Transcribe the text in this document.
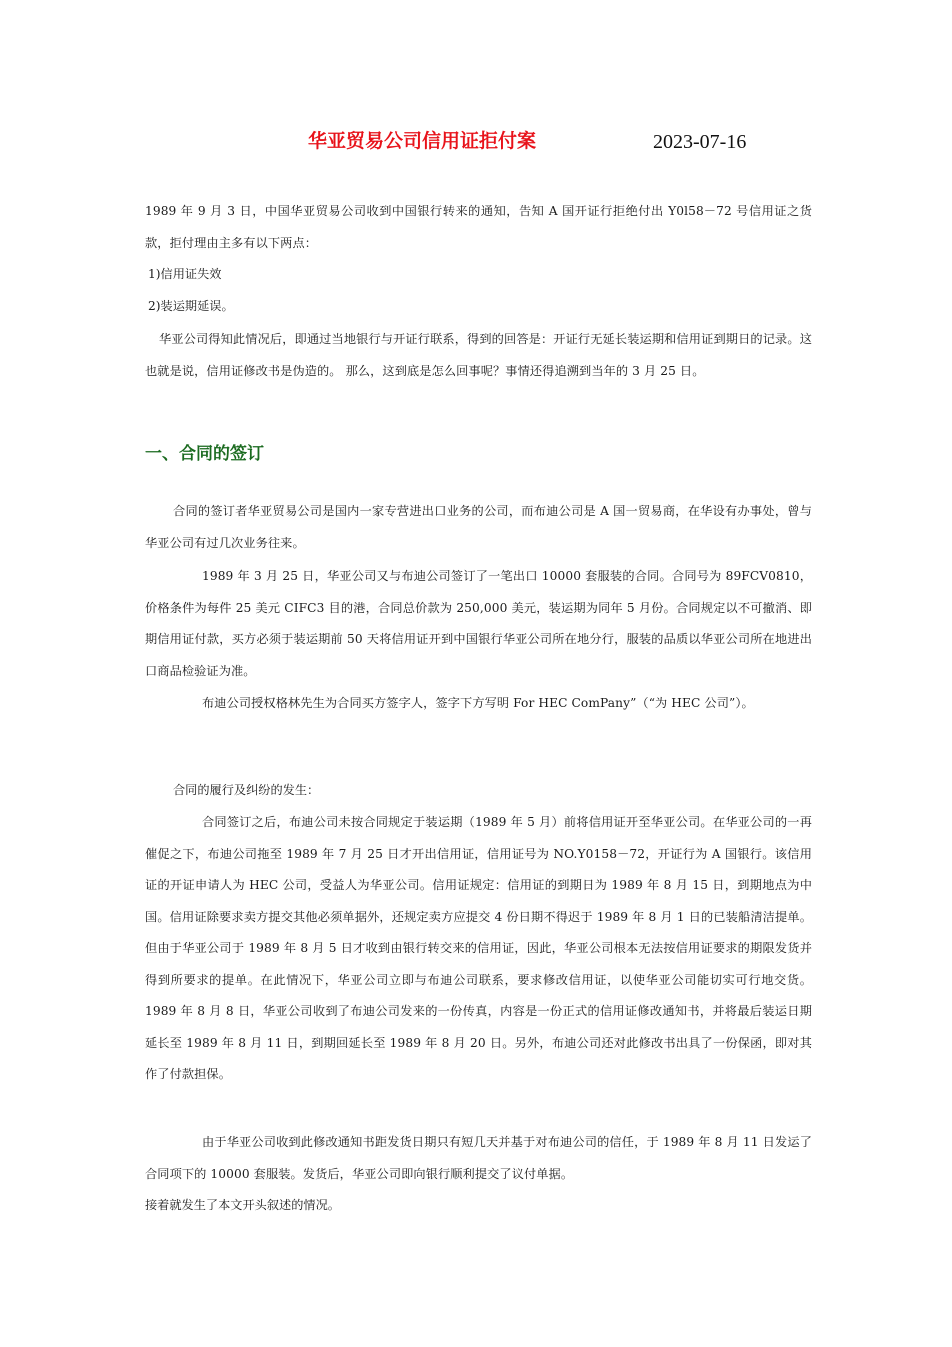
华亚贸易公司信用证拒付案	2023-07-16

1989 年 9 月 3 日，中国华亚贸易公司收到中国银行转来的通知，告知 A 国开证行拒绝付出 Y0l58－72 号信用证之货款，拒付理由主多有以下两点：

1)信用证失效

2)装运期延误。

华亚公司得知此情况后，即通过当地银行与开证行联系，得到的回答是：开证行无延长装运期和信用证到期日的记录。这也就是说，信用证修改书是伪造的。 那么，这到底是怎么回事呢？事情还得追溯到当年的 3 月 25 日。

一、合同的签订

合同的签订者华亚贸易公司是国内一家专营进出口业务的公司，而布迪公司是 A 国一贸易商，在华设有办事处，曾与华亚公司有过几次业务往来。

1989 年 3 月 25 日，华亚公司又与布迪公司签订了一笔出口 10000 套服装的合同。合同号为 89FCV0810，价格条件为每件 25 美元 CIFC3 目的港，合同总价款为 250,000 美元，装运期为同年 5 月份。合同规定以不可撤消、即期信用证付款，买方必须于装运期前 50 天将信用证开到中国银行华亚公司所在地分行，服装的品质以华亚公司所在地进出口商品检验证为准。

布迪公司授权格林先生为合同买方签字人，签字下方写明 For HEC ComPany”（“为 HEC 公司”）。

合同的履行及纠纷的发生：

合同签订之后，布迪公司未按合同规定于装运期（1989 年 5 月）前将信用证开至华亚公司。在华亚公司的一再催促之下，布迪公司拖至 1989 年 7 月 25 日才开出信用证，信用证号为 NO.Y0158－72，开证行为 A 国银行。该信用证的开证申请人为 HEC 公司，受益人为华亚公司。信用证规定：信用证的到期日为 1989 年 8 月 15 日，到期地点为中国。信用证除要求卖方提交其他必须单据外，还规定卖方应提交 4 份日期不得迟于 1989 年 8 月 1 日的已装船清洁提单。但由于华亚公司于 1989 年 8 月 5 日才收到由银行转交来的信用证，因此，华亚公司根本无法按信用证要求的期限发货并得到所要求的提单。在此情况下，华亚公司立即与布迪公司联系，要求修改信用证，以使华亚公司能切实可行地交货。1989 年 8 月 8 日，华亚公司收到了布迪公司发来的一份传真，内容是一份正式的信用证修改通知书，并将最后装运日期延长至 1989 年 8 月 11 日，到期回延长至 1989 年 8 月 20 日。另外，布迪公司还对此修改书出具了一份保函，即对其作了付款担保。

由于华亚公司收到此修改通知书距发货日期只有短几天并基于对布迪公司的信任，于 1989 年 8 月 11 日发运了合同项下的 10000 套服装。发货后，华亚公司即向银行顺利提交了议付单据。

接着就发生了本文开头叙述的情况。
